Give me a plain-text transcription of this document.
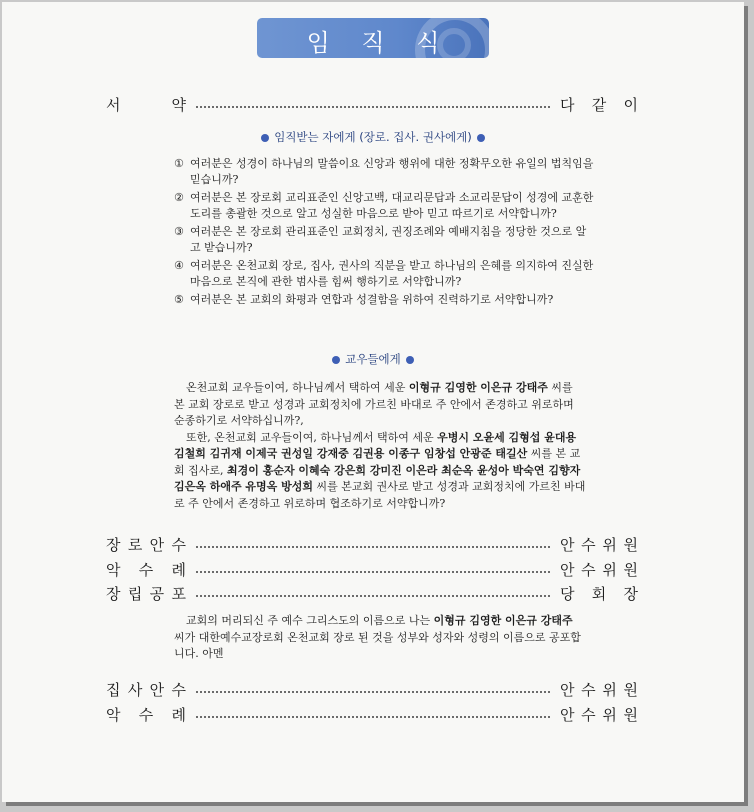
임 직 식
서	약	다 같 이
임직받는 자에게 (장로. 집사. 권사에게)
① 여러분은 성경이 하나님의 말씀이요 신앙과 행위에 대한 정확무오한 유일의 법칙임을 믿습니까?
② 여러분은 본 장로회 교리표준인 신앙고백, 대교리문답과 소교리문답이 성경에 교훈한 도리를 총괄한 것으로 알고 성실한 마음으로 받아 믿고 따르기로 서약합니까?
③ 여러분은 본 장로회 관리표준인 교회정치, 권징조례와 예배지침을 정당한 것으로 알고 받습니까?
④ 여러분은 온천교회 장로, 집사, 권사의 직분을 받고 하나님의 은혜를 의지하여 진실한 마음으로 본직에 관한 범사를 힘써 행하기로 서약합니까?
⑤ 여러분은 본 교회의 화평과 연합과 성결함을 위하여 진력하기로 서약합니까?
교우들에게

온천교회 교우들이여, 하나님께서 택하여 세운 이형규 김영한 이은규 강태주 씨를 본 교회 장로로 받고 성경과 교회정치에 가르친 바대로 주 안에서 존경하고 위로하며 순종하기로 서약하십니까?,

또한, 온천교회 교우들이여, 하나님께서 택하여 세운 우병시 오윤세 김형섭 윤대용 김철희 김귀재 이제국 권성일 강재중 김권용 이종구 임창섭 안광준 태길산 씨를 본 교회 집사로, 최경이 홍순자 이혜숙 강은희 강미진 이은라 최순옥 윤성아 박숙연 김향자 김은옥 하애주 유명옥 방성희 씨를 본교회 권사로 받고 성경과 교회정치에 가르친 바대로 주 안에서 존경하고 위로하며 협조하기로 서약합니까?

장 로 안 수	안 수 위 원
악 수 례	안 수 위 원
장 립 공 포	당 회 장

교회의 머리되신 주 예수 그리스도의 이름으로 나는 이형규 김영한 이은규 강태주 씨가 대한예수교장로회 온천교회 장로 된 것을 성부와 성자와 성령의 이름으로 공포합니다. 아멘

집 사 안 수	안 수 위 원
악 수 례	안 수 위 원
